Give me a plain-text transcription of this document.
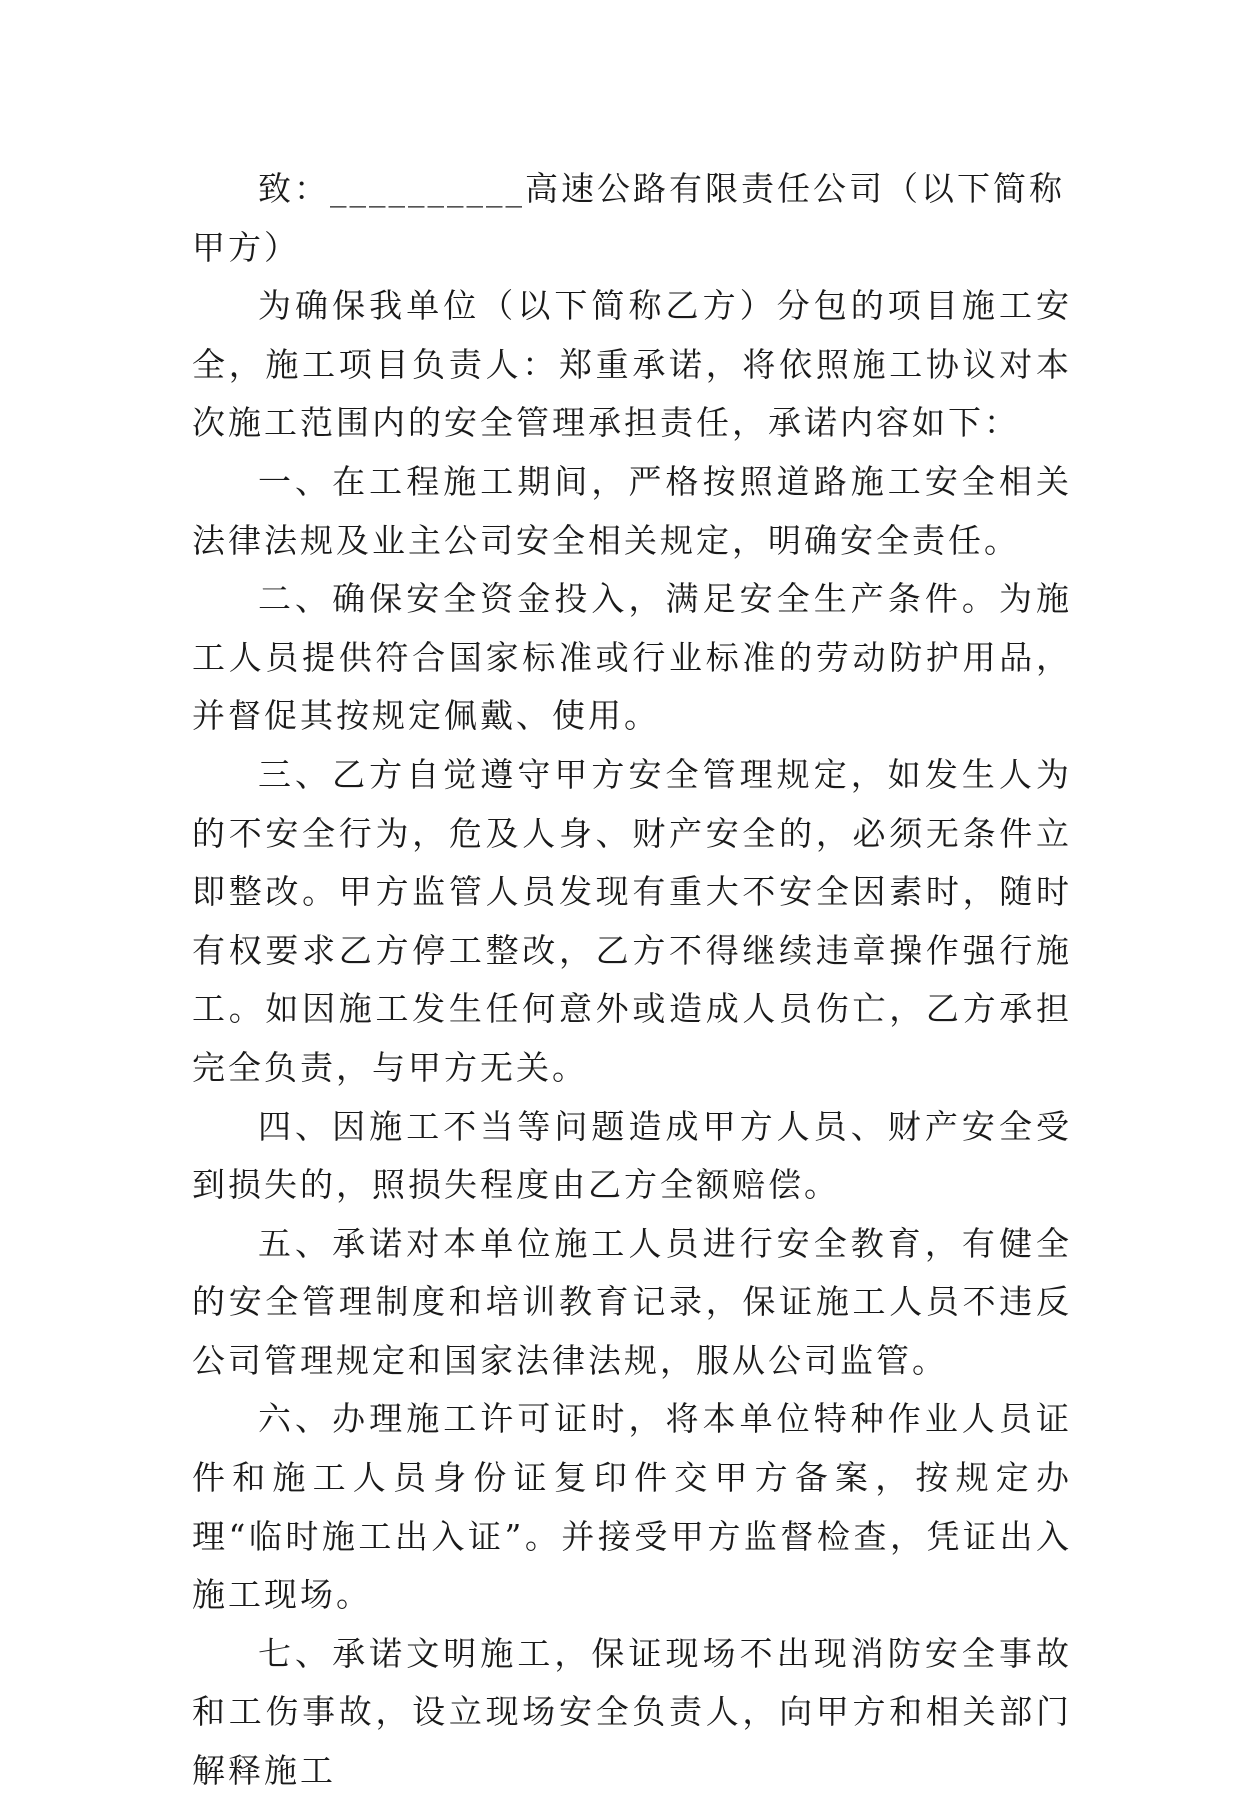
致：__________高速公路有限责任公司（以下简称甲方）

为确保我单位（以下简称乙方）分包的项目施工安全，施工项目负责人：郑重承诺，将依照施工协议对本次施工范围内的安全管理承担责任，承诺内容如下：

一、在工程施工期间，严格按照道路施工安全相关法律法规及业主公司安全相关规定，明确安全责任。

二、确保安全资金投入，满足安全生产条件。为施工人员提供符合国家标准或行业标准的劳动防护用品，并督促其按规定佩戴、使用。

三、乙方自觉遵守甲方安全管理规定，如发生人为的不安全行为，危及人身、财产安全的，必须无条件立即整改。甲方监管人员发现有重大不安全因素时，随时有权要求乙方停工整改，乙方不得继续违章操作强行施工。如因施工发生任何意外或造成人员伤亡，乙方承担完全负责，与甲方无关。

四、因施工不当等问题造成甲方人员、财产安全受到损失的，照损失程度由乙方全额赔偿。

五、承诺对本单位施工人员进行安全教育，有健全的安全管理制度和培训教育记录，保证施工人员不违反公司管理规定和国家法律法规，服从公司监管。

六、办理施工许可证时，将本单位特种作业人员证件和施工人员身份证复印件交甲方备案，按规定办理“临时施工出入证”。并接受甲方监督检查，凭证出入施工现场。

七、承诺文明施工，保证现场不出现消防安全事故和工伤事故，设立现场安全负责人，向甲方和相关部门解释施工
